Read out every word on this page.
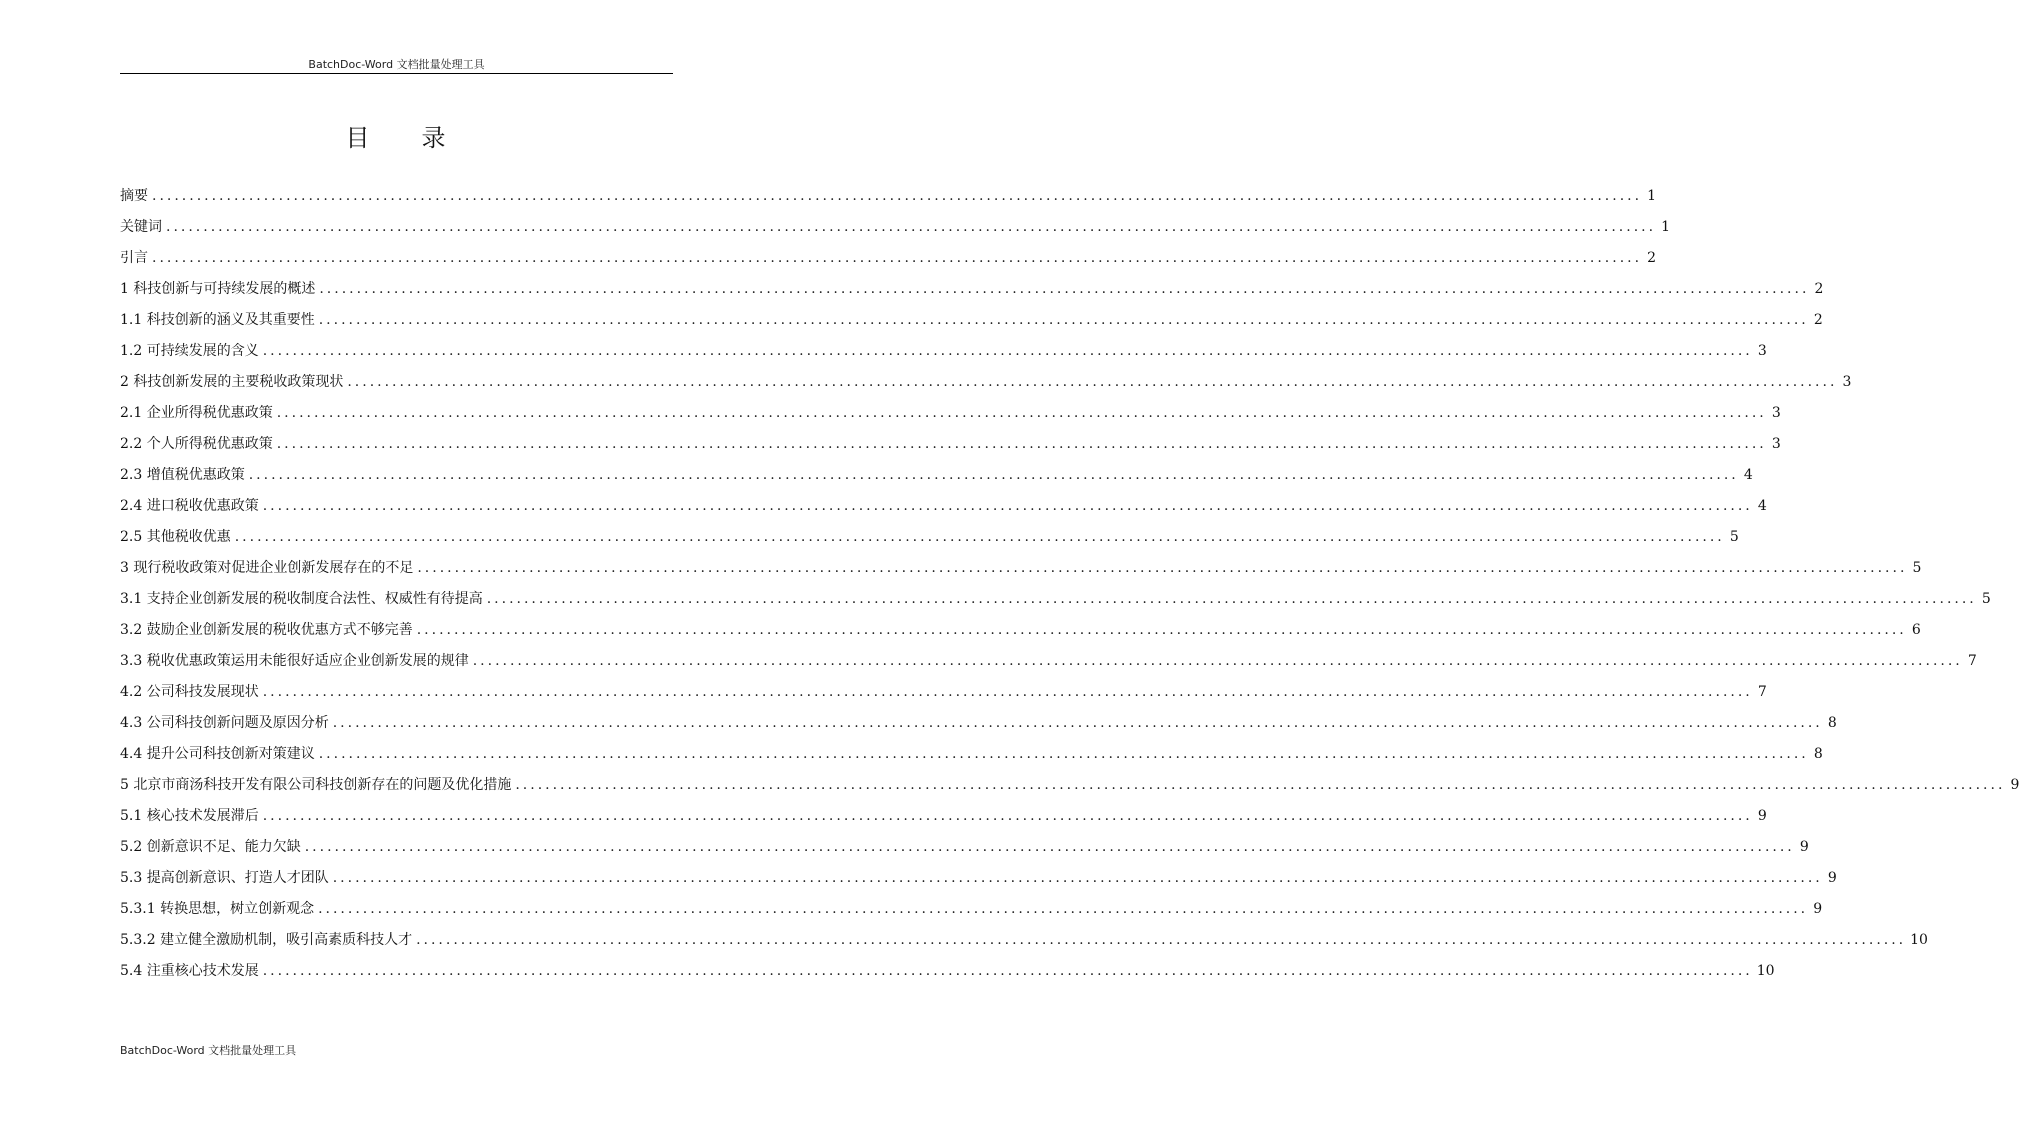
BatchDoc-Word 文档批量处理工具
目 录
摘要 ........................................................................................................................................................................................................ 1
关键词 ........................................................................................................................................................................................................ 1
引言 ........................................................................................................................................................................................................ 2
1 科技创新与可持续发展的概述 ........................................................................................................................................................................................................ 2
1.1 科技创新的涵义及其重要性 ........................................................................................................................................................................................................ 2
1.2 可持续发展的含义 ........................................................................................................................................................................................................ 3
2 科技创新发展的主要税收政策现状 ........................................................................................................................................................................................................ 3
2.1 企业所得税优惠政策 ........................................................................................................................................................................................................ 3
2.2 个人所得税优惠政策 ........................................................................................................................................................................................................ 3
2.3 增值税优惠政策 ........................................................................................................................................................................................................ 4
2.4 进口税收优惠政策 ........................................................................................................................................................................................................ 4
2.5 其他税收优惠 ........................................................................................................................................................................................................ 5
3 现行税收政策对促进企业创新发展存在的不足 ........................................................................................................................................................................................................ 5
3.1 支持企业创新发展的税收制度合法性、权威性有待提高 ........................................................................................................................................................................................................ 5
3.2 鼓励企业创新发展的税收优惠方式不够完善 ........................................................................................................................................................................................................ 6
3.3 税收优惠政策运用未能很好适应企业创新发展的规律 ........................................................................................................................................................................................................ 7
4.2 公司科技发展现状 ........................................................................................................................................................................................................ 7
4.3 公司科技创新问题及原因分析 ........................................................................................................................................................................................................ 8
4.4 提升公司科技创新对策建议 ........................................................................................................................................................................................................ 8
5 北京市商汤科技开发有限公司科技创新存在的问题及优化措施 ........................................................................................................................................................................................................ 9
5.1 核心技术发展滞后 ........................................................................................................................................................................................................ 9
5.2 创新意识不足、能力欠缺 ........................................................................................................................................................................................................ 9
5.3 提高创新意识、打造人才团队 ........................................................................................................................................................................................................ 9
5.3.1 转换思想，树立创新观念 ........................................................................................................................................................................................................ 9
5.3.2 建立健全激励机制，吸引高素质科技人才 ........................................................................................................................................................................................................ 10
5.4 注重核心技术发展 ........................................................................................................................................................................................................ 10
BatchDoc-Word 文档批量处理工具
